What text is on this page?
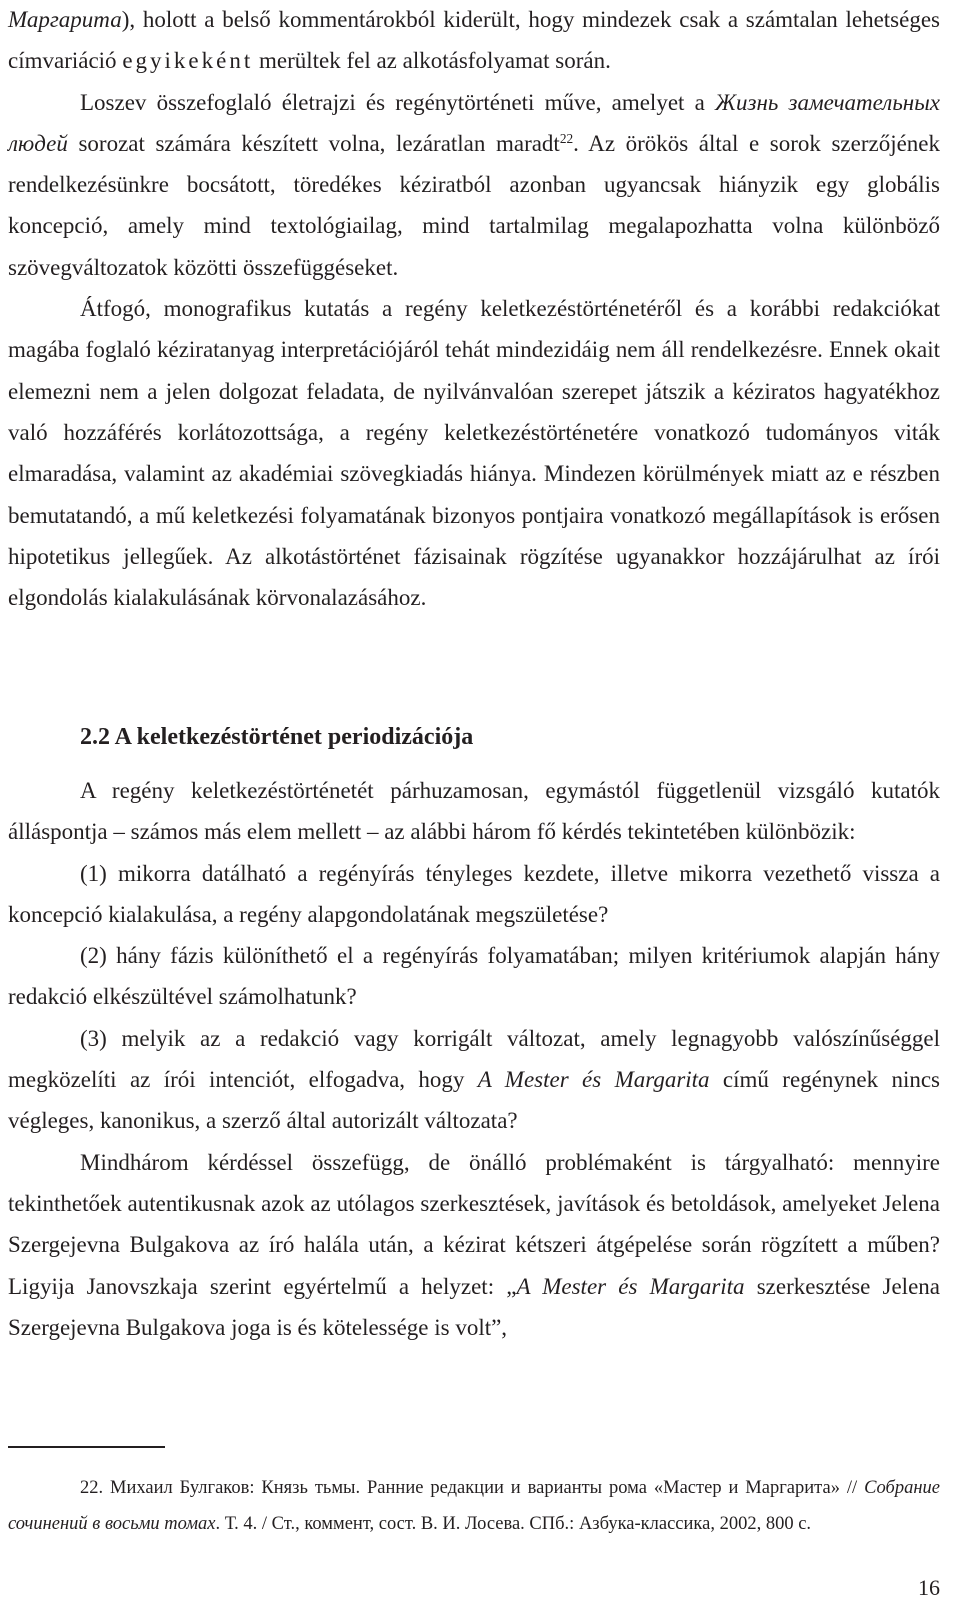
Маргарита), holott a belső kommentárokból kiderült, hogy mindezek csak a számtalan lehetséges címvariáció egyikeként merültek fel az alkotásfolyamat során.

Loszev összefoglaló életrajzi és regénytörténeti műve, amelyet a Жизнь замечательных людей sorozat számára készített volna, lezáratlan maradt$^{22}$. Az örökös által e sorok szerzőjének rendelkezésünkre bocsátott, töredékes kéziratból azonban ugyancsak hiányzik egy globális koncepció, amely mind textológiailag, mind tartalmilag megalapozhatta volna különböző szövegváltozatok közötti összefüggéseket.

Átfogó, monografikus kutatás a regény keletkezéstörténetéről és a korábbi redakciókat magába foglaló kéziratanyag interpretációjáról tehát mindezidáig nem áll rendelkezésre. Ennek okait elemezni nem a jelen dolgozat feladata, de nyilvánvalóan szerepet játszik a kéziratos hagyatékhoz való hozzáférés korlátozottsága, a regény keletkezéstörténetére vonatkozó tudományos viták elmaradása, valamint az akadémiai szövegkiadás hiánya. Mindezen körülmények miatt az e részben bemutatandó, a mű keletkezési folyamatának bizonyos pontjaira vonatkozó megállapítások is erősen hipotetikus jellegűek. Az alkotástörténet fázisainak rögzítése ugyanakkor hozzájárulhat az írói elgondolás kialakulásának körvonalazásához.

2.2 A keletkezéstörténet periodizációja

A regény keletkezéstörténetét párhuzamosan, egymástól függetlenül vizsgáló kutatók álláspontja – számos más elem mellett – az alábbi három fő kérdés tekintetében különbözik:

(1) mikorra datálható a regényírás tényleges kezdete, illetve mikorra vezethető vissza a koncepció kialakulása, a regény alapgondolatának megszületése?

(2) hány fázis különíthető el a regényírás folyamatában; milyen kritériumok alapján hány redakció elkészültével számolhatunk?

(3) melyik az a redakció vagy korrigált változat, amely legnagyobb valószínűséggel megközelíti az írói intenciót, elfogadva, hogy A Mester és Margarita című regénynek nincs végleges, kanonikus, a szerző által autorizált változata?

Mindhárom kérdéssel összefügg, de önálló problémaként is tárgyalható: mennyire tekinthetőek autentikusnak azok az utólagos szerkesztések, javítások és betoldások, amelyeket Jelena Szergejevna Bulgakova az író halála után, a kézirat kétszeri átgépelése során rögzített a műben? Ligyija Janovszkaja szerint egyértelmű a helyzet: „A Mester és Margarita szerkesztése Jelena Szergejevna Bulgakova joga is és kötelessége is volt”,

22. Михаил Булгаков: Князь тьмы. Ранние редакции и варианты рома «Мастер и Маргарита» // Собрание сочинений в восьми томах. Т. 4. / Ст., коммент, сост. В. И. Лосева. СПб.: Азбука-классика, 2002, 800 с.

16
